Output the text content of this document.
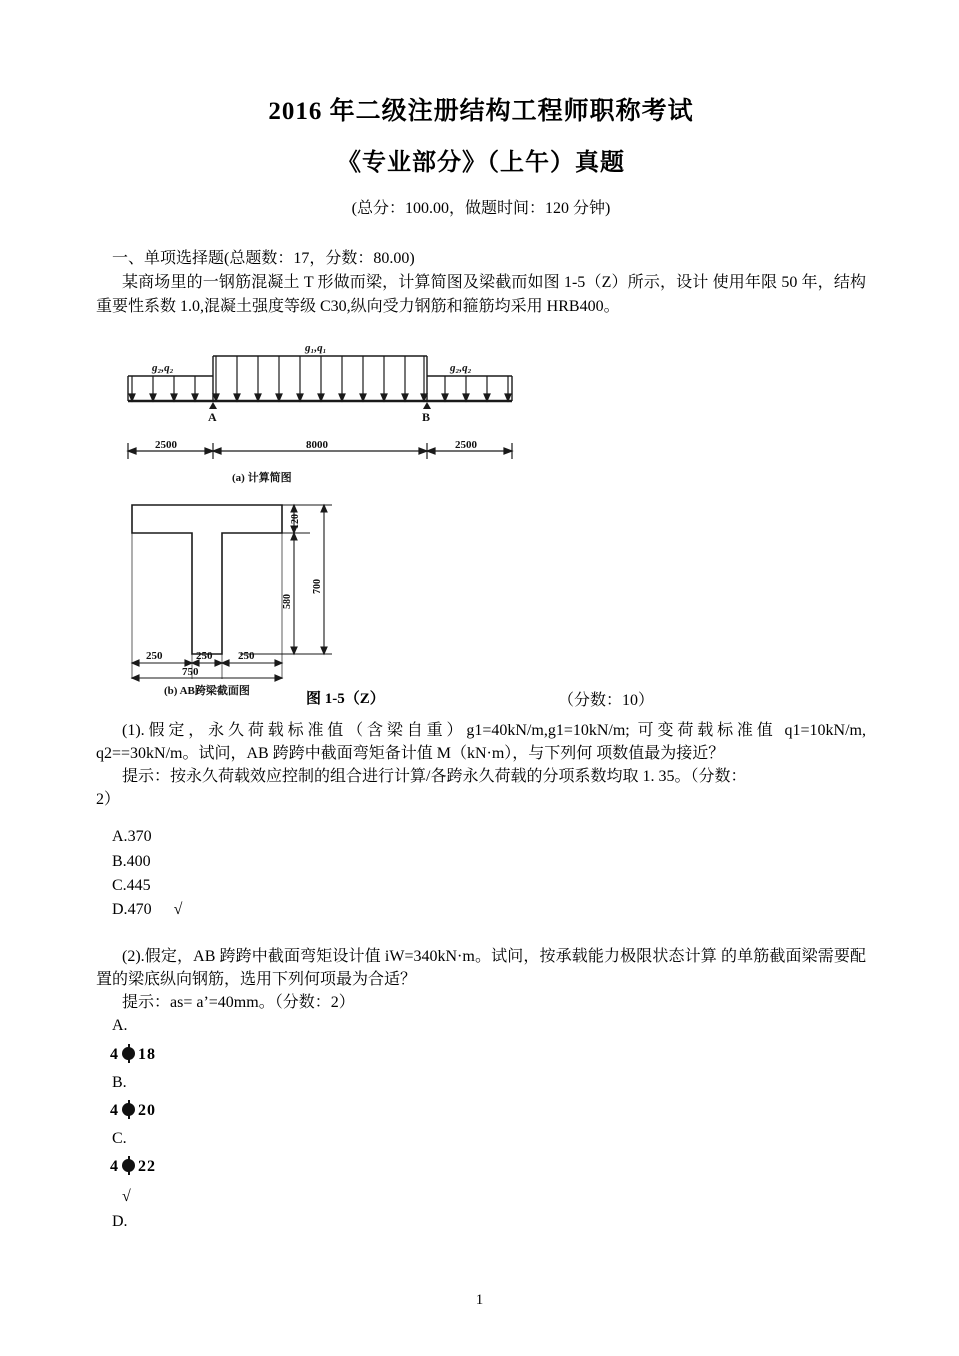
2016 年二级注册结构工程师职称考试
《专业部分》（上午）真题

(总分：100.00，做题时间：120 分钟)

一、单项选择题(总题数：17，分数：80.00)

某商场里的一钢筋混凝土 T 形做而梁，计算简图及梁截而如图 1-5（Z）所示，设计 使用年限 50 年，结构重要性系数 1.0,混凝土强度等级 C30,纵向受力钢筋和箍筋均采用 HRB400。

g₂,q₂
g₁,q₁
g₂,q₂
A	B
2500	8000	2500
120
580
700
250	250 250
750
(a) 计算简图
(b) AB跨梁截面图	图 1-5（Z）	（分数：10）

(1).假定，永久荷载标准值（含梁自重）g1=40kN/m,g1=10kN/m; 可变荷载标准值 q1=10kN/m, q2==30kN/m。试问，AB 跨跨中截面弯矩备计值 M（kN·m），与下列何 项数值最为接近？

提示：按永久荷载效应控制的组合进行计算/各跨永久荷载的分项系数均取 1. 35。（分数：

2）

A.370

B.400

C.445

D.470 √

(2).假定，AB 跨跨中截面弯矩设计值 iW=340kN·m。试问，按承载能力极限状态计算 的单筋截面梁需要配置的梁底纵向钢筋，选用下列何项最为合适？

提示：as= a’=40mm。（分数：2）

A.

4 18

B.

4 20

C.

4 22

√

D.

1
